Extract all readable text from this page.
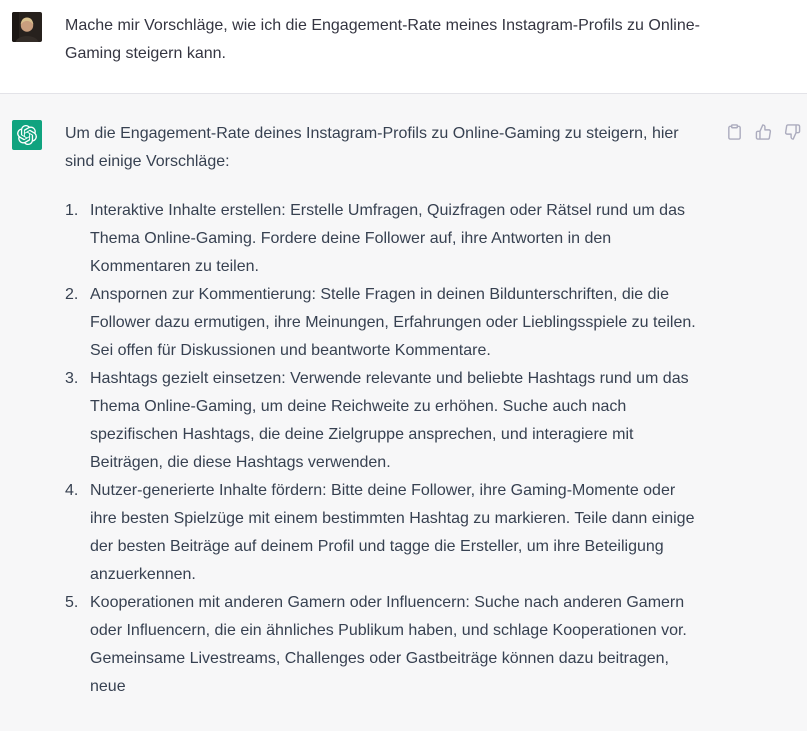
Mache mir Vorschläge, wie ich die Engagement-Rate meines Instagram-Profils zu Online-Gaming steigern kann.

Um die Engagement-Rate deines Instagram-Profils zu Online-Gaming zu steigern, hier sind einige Vorschläge:

1. Interaktive Inhalte erstellen: Erstelle Umfragen, Quizfragen oder Rätsel rund um das Thema Online-Gaming. Fordere deine Follower auf, ihre Antworten in den Kommentaren zu teilen.
2. Anspornen zur Kommentierung: Stelle Fragen in deinen Bildunterschriften, die die Follower dazu ermutigen, ihre Meinungen, Erfahrungen oder Lieblingsspiele zu teilen. Sei offen für Diskussionen und beantworte Kommentare.
3. Hashtags gezielt einsetzen: Verwende relevante und beliebte Hashtags rund um das Thema Online-Gaming, um deine Reichweite zu erhöhen. Suche auch nach spezifischen Hashtags, die deine Zielgruppe ansprechen, und interagiere mit Beiträgen, die diese Hashtags verwenden.
4. Nutzer-generierte Inhalte fördern: Bitte deine Follower, ihre Gaming-Momente oder ihre besten Spielzüge mit einem bestimmten Hashtag zu markieren. Teile dann einige der besten Beiträge auf deinem Profil und tagge die Ersteller, um ihre Beteiligung anzuerkennen.
5. Kooperationen mit anderen Gamern oder Influencern: Suche nach anderen Gamern oder Influencern, die ein ähnliches Publikum haben, und schlage Kooperationen vor. Gemeinsame Livestreams, Challenges oder Gastbeiträge können dazu beitragen, neue
